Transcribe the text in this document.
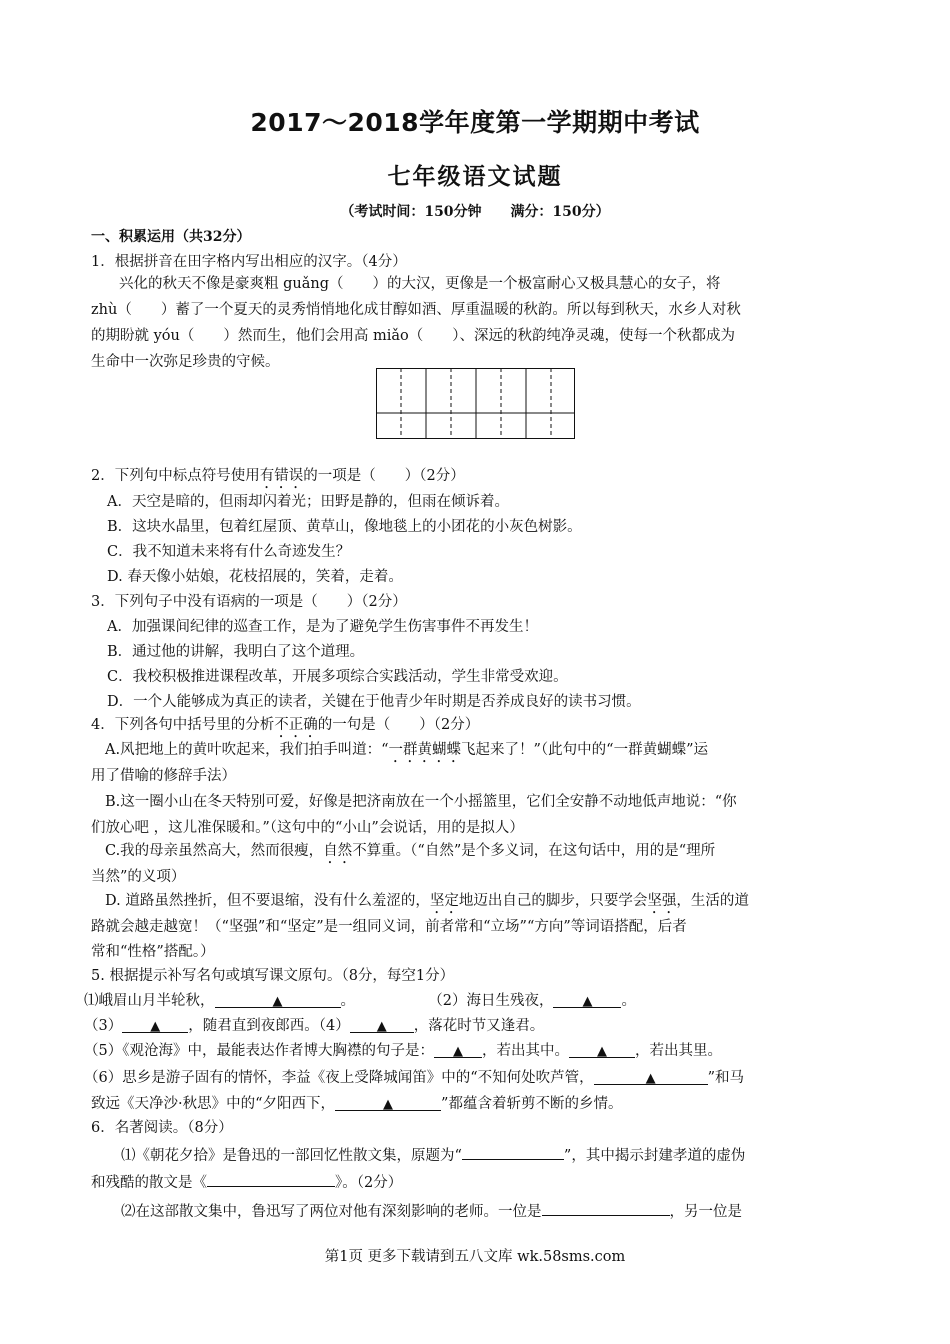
2017～2018学年度第一学期期中考试
七年级语文试题
（考试时间：150分钟 满分：150分）
一、积累运用（共32分）
1．根据拼音在田字格内写出相应的汉字。（4分）
兴化的秋天不像是豪爽粗 guǎng（　　）的大汉，更像是一个极富耐心又极具慧心的女子，将
zhù（　　）蓄了一个夏天的灵秀悄悄地化成甘醇如酒、厚重温暖的秋韵。所以每到秋天，水乡人对秋
的期盼就 yóu（　　）然而生，他们会用高 miǎo（　　）、深远的秋韵纯净灵魂，使每一个秋都成为
生命中一次弥足珍贵的守候。
2．下列句中标点符号使用有错误的一项是（　　）（2分）
A．天空是暗的，但雨却闪着光；田野是静的，但雨在倾诉着。
B．这块水晶里，包着红屋顶、黄草山，像地毯上的小团花的小灰色树影。
C．我不知道未来将有什么奇迹发生？
D. 春天像小姑娘，花枝招展的，笑着，走着。
3．下列句子中没有语病的一项是（　　）（2分）
A．加强课间纪律的巡查工作，是为了避免学生伤害事件不再发生！
B．通过他的讲解，我明白了这个道理。
C．我校积极推进课程改革，开展多项综合实践活动，学生非常受欢迎。
D．一个人能够成为真正的读者，关键在于他青少年时期是否养成良好的读书习惯。
4．下列各句中括号里的分析不正确的一句是（　　）（2分）
A.风把地上的黄叶吹起来，我们拍手叫道：“一群黄蝴蝶飞起来了！”（此句中的“一群黄蝴蝶”运
用了借喻的修辞手法）
B.这一圈小山在冬天特别可爱，好像是把济南放在一个小摇篮里，它们全安静不动地低声地说：“你
们放心吧 ，这儿准保暖和。”（这句中的“小山”会说话，用的是拟人）
C.我的母亲虽然高大，然而很瘦，自然不算重。（“自然”是个多义词，在这句话中，用的是“理所
当然”的义项）
D. 道路虽然挫折，但不要退缩，没有什么羞涩的，坚定地迈出自己的脚步，只要学会坚强，生活的道
路就会越走越宽！（“坚强”和“坚定”是一组同义词，前者常和“立场”“方向”等词语搭配，后者
常和“性格”搭配。）
5. 根据提示补写名句或填写课文原句。（8分，每空1分）
⑴峨眉山月半轮秋，	▲	。	（2）海日生残夜， ▲ 。
（3） ▲ ，随君直到夜郎西。（4） ▲ ，落花时节又逢君。
（5）《观沧海》中，最能表达作者博大胸襟的句子是： ▲ ，若出其中。 ▲ ，若出其里。
（6）思乡是游子固有的情怀，李益《夜上受降城闻笛》中的“不知何处吹芦管，	▲	”和马
致远《天净沙·秋思》中的“夕阳西下，	▲	”都蕴含着斩剪不断的乡情。
6．名著阅读。（8分）
⑴《朝花夕拾》是鲁迅的一部回忆性散文集，原题为“	”，其中揭示封建孝道的虚伪
和残酷的散文是《	》。（2分）
⑵在这部散文集中，鲁迅写了两位对他有深刻影响的老师。一位是	，另一位是
第1页 更多下载请到五八文库 wk.58sms.com
